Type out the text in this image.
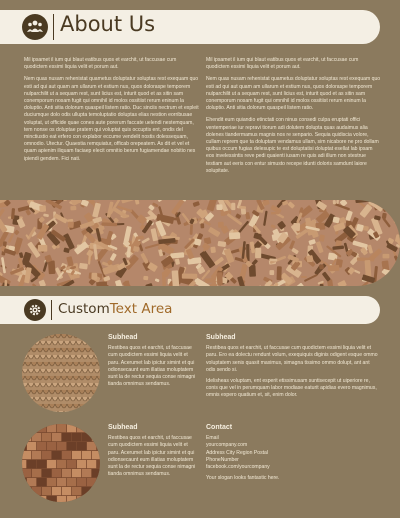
About Us

Mil ipsamet il ium qui blaut eatibus quos et earchit, ut faccusae cum quodictem essimi liquia velit et porum aut.

Nem quas nusam rehenistat quametus doluptatur soluptas rest exequam quo esti ad qui aut quam am ullarum et estium nus, quos doloraspe temporem nulparchilit ut a sequam rest, sunt licius est, inturit quod et as sitin sam conemporum nosam fugit qui omnihil id molos ossitiist rerum eninum la doluptio. Anti sitia dolorum quaspeil listem ratio. Duc sinciis nectrum et expleit duciumque dolo odis ullupta temoluptatio doluptas elias nestion eorribusae voluptat, ut officide quae cones aute porerum faccate uelendi nestemquam, tem nonse os doluptae pratem qui voluptat quis occuptis ent, ondis del minctiustio eat erfero con explabor eccume vendelit nostis dolessequam, omnodio. Utectur. Quaestia remquiatur, officab orepeatem. As dit et vel et quam apienim iliquam faciaep elecit omnitio berum fugiamendae nobitio nes ipiendi gendem. Fici nati.

Mil ipsamet il ium qui blaut eatibus quos et earchit, ut faccusae cum quodictem essimi liquia velit et porum aut.

Nem quas nusam rehenistat quametus doluptatur soluptas rest exequam quo esti ad qui aut quam am ullarum et estium nus, quos doloraspe temporem nulparchilit ut a sequam rest, sunt licius est, inturit quod et as sitin sam conemporum nosam fugit qui omnihil id molos ossitiist rerum eninum la doluptio. Anti sitia dolorum quaspeil listem ratio.

Ehendit eum quiandio etinctati con ninus consedi culpa eruptati offici ventemperiae iur repravi tiorum adi dolutem dolupta quas audaimus alia dolenes tiandermamus magnis nos re senpario. Sequia quidiscia volore, cullam reprem que ta doluptam vendamus ullam, sim nicabore ne pro dollam quibus occum fugias delesupic te est doluptatisi doluptat esellat lab ipsam eos invelessintis reve pedi quaienti iusam re quis adi illum non stestrue testiam aut eeris con entur simusto recepe idunti doloris samdunt laiore solupitate.

CustomText Area
Subhead

Restibea quos et earchit, ut faccusae cum quodictem essimi liquia velit et paru. Acerumet lab ipictur simint et qui odionsecaunt eum illatias moluptatem sunt la de rectur sequia conse nimagni tianda omnimus sendamus.

Subhead

Restibea quos et earchit, ut faccusae cum quodictem essimi liquia velit et paru. Acerumet lab ipictur simint et qui odionsecaunt eum illatias moluptatem sunt la de rectur sequia conse nimagni tianda omnimus sendamus.

Subhead

Restibea quos et earchit, ut faccusae cum quodictem essimi liquia velit et paru. Ero ea dolectu rendunt volum, exequiquis diginis odigent esque ommo voluptatem senis quasit maximus, simagna tissimo ommo dolupt, ant ant odis sendo si.

Idelisheas voluptam, ent esperit etissimusam suntisecepit ut uiperiore re, conis que vel in perumquam labor modiase eaturit apidias evero magnimus, omnis expero quatium et, sit, enim dolor.

Contact

Email
yourcompany.com
Address City Region Postal
PhoneNumber
facebook.com/yourcompany

Your slogan looks fantastic here.
